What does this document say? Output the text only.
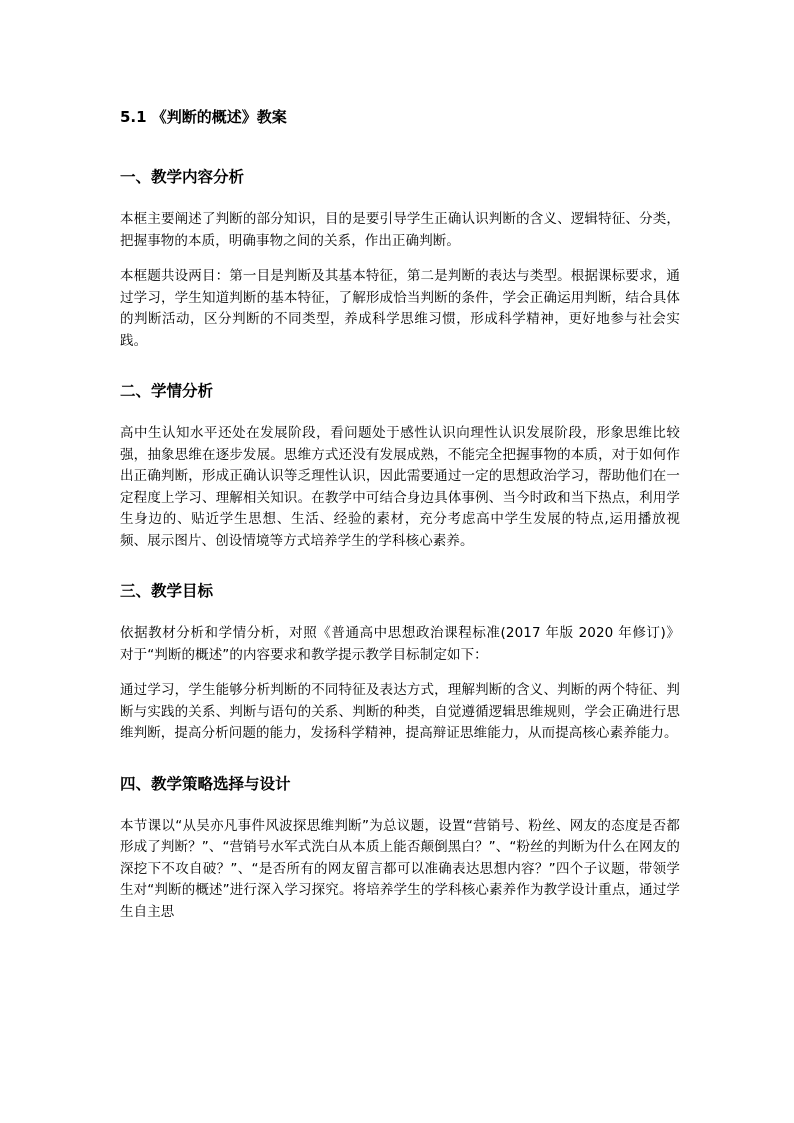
5.1 《判断的概述》教案
一、教学内容分析

本框主要阐述了判断的部分知识，目的是要引导学生正确认识判断的含义、逻辑特征、分类，把握事物的本质，明确事物之间的关系，作出正确判断。

本框题共设两目：第一目是判断及其基本特征，第二是判断的表达与类型。根据课标要求，通过学习，学生知道判断的基本特征，了解形成恰当判断的条件，学会正确运用判断，结合具体的判断活动，区分判断的不同类型，养成科学思维习惯，形成科学精神，更好地参与社会实践。

二、学情分析

高中生认知水平还处在发展阶段，看问题处于感性认识向理性认识发展阶段，形象思维比较强，抽象思维在逐步发展。思维方式还没有发展成熟，不能完全把握事物的本质，对于如何作出正确判断，形成正确认识等乏理性认识，因此需要通过一定的思想政治学习，帮助他们在一定程度上学习、理解相关知识。在教学中可结合身边具体事例、当今时政和当下热点，利用学生身边的、贴近学生思想、生活、经验的素材，充分考虑高中学生发展的特点,运用播放视频、展示图片、创设情境等方式培养学生的学科核心素养。

三、教学目标

依据教材分析和学情分析，对照《普通高中思想政治课程标准(2017 年版 2020 年修订)》 对于“判断的概述”的内容要求和教学提示教学目标制定如下：

通过学习，学生能够分析判断的不同特征及表达方式，理解判断的含义、判断的两个特征、判断与实践的关系、判断与语句的关系、判断的种类，自觉遵循逻辑思维规则，学会正确进行思维判断，提高分析问题的能力，发扬科学精神，提高辩证思维能力，从而提高核心素养能力。

四、教学策略选择与设计

本节课以“从吴亦凡事件风波探思维判断”为总议题，设置“营销号、粉丝、网友的态度是否都形成了判断？”、“营销号水军式洗白从本质上能否颠倒黑白？”、“粉丝的判断为什么在网友的深挖下不攻自破？”、“是否所有的网友留言都可以准确表达思想内容？”四个子议题，带领学生对“判断的概述”进行深入学习探究。将培养学生的学科核心素养作为教学设计重点，通过学生自主思
